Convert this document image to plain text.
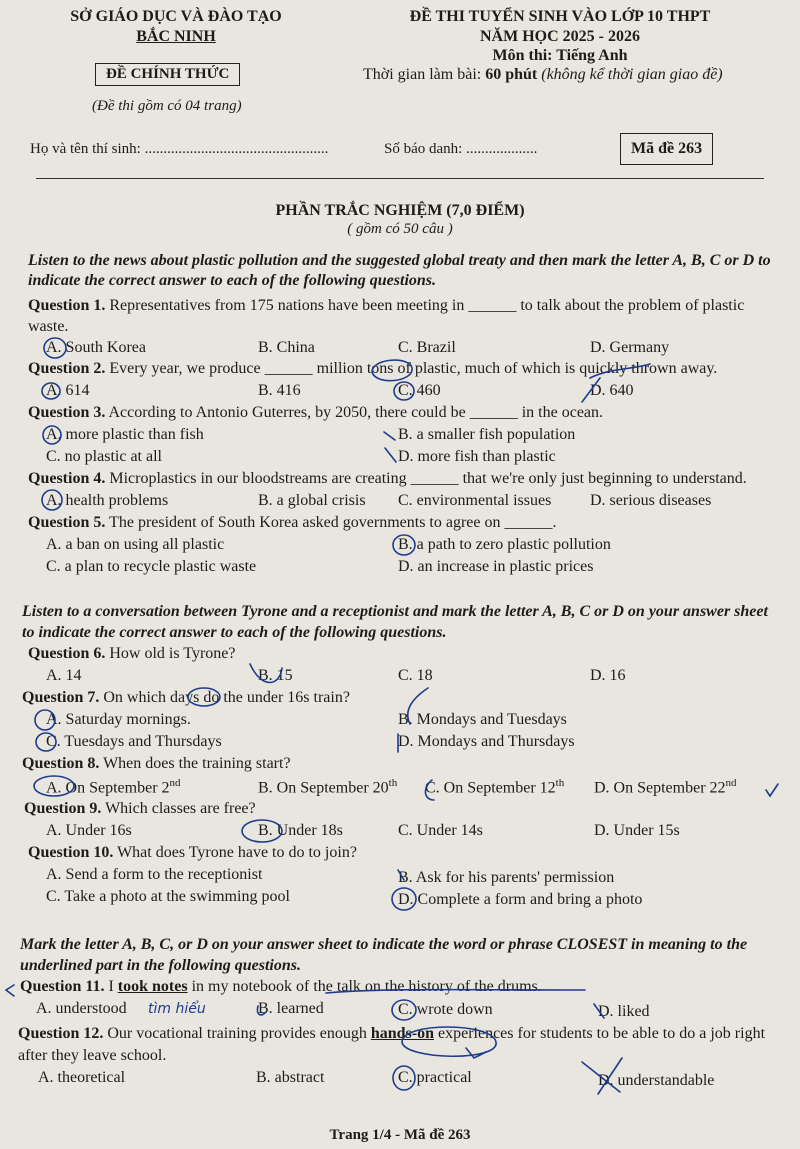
SỞ GIÁO DỤC VÀ ĐÀO TẠO
BẮC NINH
ĐỀ CHÍNH THỨC
(Đề thi gồm có 04 trang)
ĐỀ THI TUYỂN SINH VÀO LỚP 10 THPT
NĂM HỌC 2025 - 2026
Môn thi: Tiếng Anh
Thời gian làm bài: 60 phút (không kể thời gian giao đề)
Họ và tên thí sinh: .................................................	Số báo danh: ...................	Mã đề 263
PHẦN TRẮC NGHIỆM (7,0 ĐIỂM)
( gồm có 50 câu )
Listen to the news about plastic pollution and the suggested global treaty and then mark the letter A, B, C or D to indicate the correct answer to each of the following questions.
Question 1. Representatives from 175 nations have been meeting in ______ to talk about the problem of plastic waste.
A. South Korea	B. China	C. Brazil	D. Germany
Question 2. Every year, we produce ______ million tons of plastic, much of which is quickly thrown away.
A. 614	B. 416	C. 460	D. 640
Question 3. According to Antonio Guterres, by 2050, there could be ______ in the ocean.
A. more plastic than fish	B. a smaller fish population
C. no plastic at all	D. more fish than plastic
Question 4. Microplastics in our bloodstreams are creating ______ that we're only just beginning to understand.
A. health problems	B. a global crisis C. environmental issues D. serious diseases
Question 5. The president of South Korea asked governments to agree on ______.
A. a ban on using all plastic	B. a path to zero plastic pollution
C. a plan to recycle plastic waste	D. an increase in plastic prices
Listen to a conversation between Tyrone and a receptionist and mark the letter A, B, C or D on your answer sheet to indicate the correct answer to each of the following questions.
Question 6. How old is Tyrone?
A. 14	B. 15	C. 18	D. 16
Question 7. On which days do the under 16s train?
A. Saturday mornings.	B. Mondays and Tuesdays
C. Tuesdays and Thursdays	D. Mondays and Thursdays
Question 8. When does the training start?
A. On September 2nd	B. On September 20th C. On September 12th D. On September 22nd
Question 9. Which classes are free?
A. Under 16s	B. Under 18s	C. Under 14s	D. Under 15s
Question 10. What does Tyrone have to do to join?
A. Send a form to the receptionist	B. Ask for his parents' permission
C. Take a photo at the swimming pool	D. Complete a form and bring a photo
Mark the letter A, B, C, or D on your answer sheet to indicate the word or phrase CLOSEST in meaning to the underlined part in the following questions.
Question 11. I took notes in my notebook of the talk on the history of the drums.
A. understood tìm hiểu	B. learned	C. wrote down	D. liked
Question 12. Our vocational training provides enough hands-on experiences for students to be able to do a job right after they leave school.
A. theoretical	B. abstract	C. practical	D. understandable
Trang 1/4 - Mã đề 263
